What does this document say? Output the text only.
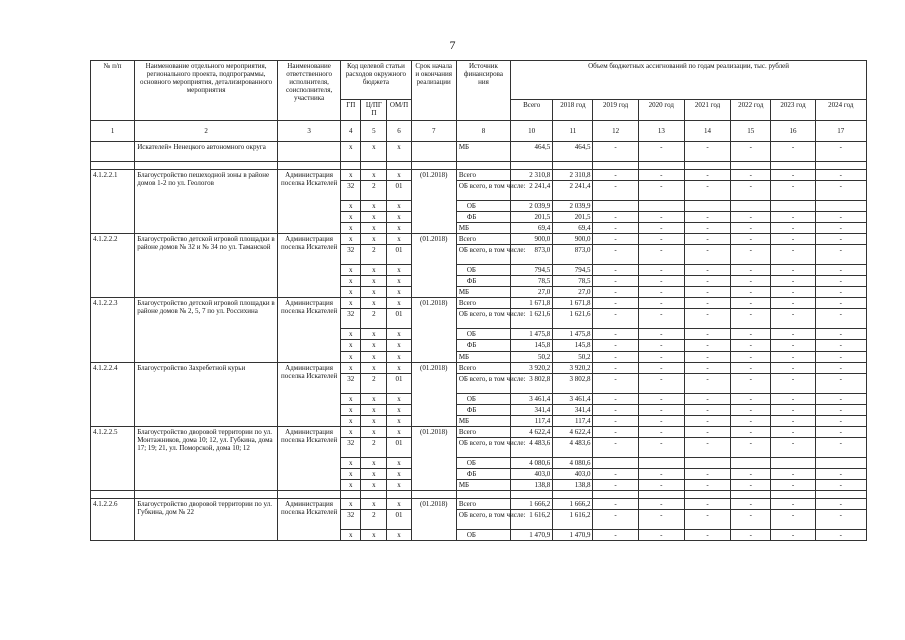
7
№ п/п	Наименование отдельного мероприятия, регионального проекта, подпрограммы, основного мероприятия, детализированного мероприятия	Наименование ответственного исполнителя, соисполнителя, участника	Код целевой статьи расходов окружного бюджета			Срок начала и окончания реализации	Источник финансирова ния	Объем бюджетных ассигнований по годам реализации, тыс. рублей							
			ГП	Ц/ПГ П	ОМ/П			Всего	2018 год	2019 год	2020 год	2021 год	2022 год	2023 год	2024 год
1	2	3	4	5	6	7	8	10	11	12	13	14	15	16	17
	Искателей» Ненецкого автономного округа		x	x	x		МБ	464,5	464,5	-	-	-	-	-	-

4.1.2.2.1	Благоустройство пешеходной зоны в районе домов 1-2 по ул. Геологов	Администрация поселка Искателей	x	x	x	(01.2018)	Всего	2 310,8	2 310,8	-	-	-	-	-	-
			32	2	01		ОБ всего, в том числе:	2 241,4	2 241,4	-	-	-	-	-	-
			x	x	x		ОБ	2 039,9	2 039,9						
			x	x	x		ФБ	201,5	201,5	-	-	-	-	-	-
			x	x	x		МБ	69,4	69,4	-	-	-	-	-	-
4.1.2.2.2	Благоустройство детской игровой площадки в районе домов № 32 и № 34 по ул. Таманской	Администрация поселка Искателей	x	x	x	(01.2018)	Всего	900,0	900,0	-	-	-	-	-	-
			32	2	01		ОБ всего, в том числе:	873,0	873,0	-	-	-	-	-	-
			x	x	x		ОБ	794,5	794,5	-	-	-	-	-	-
			x	x	x		ФБ	78,5	78,5	-	-	-	-	-	-
			x	x	x		МБ	27,0	27,0	-	-	-	-	-	-
4.1.2.2.3	Благоустройство детской игровой площадки в районе домов № 2, 5, 7 по ул. Россихина	Администрация поселка Искателей	x	x	x	(01.2018)	Всего	1 671,8	1 671,8	-	-	-	-	-	-
			32	2	01		ОБ всего, в том числе:	1 621,6	1 621,6	-	-	-	-	-	-
			x	x	x		ОБ	1 475,8	1 475,8	-	-	-	-	-	-
			x	x	x		ФБ	145,8	145,8	-	-	-	-	-	-
			x	x	x		МБ	50,2	50,2	-	-	-	-	-	-
4.1.2.2.4	Благоустройство Захребетной курьи	Администрация поселка Искателей	x	x	x	(01.2018)	Всего	3 920,2	3 920,2	-	-	-	-	-	-
			32	2	01		ОБ всего, в том числе:	3 802,8	3 802,8	-	-	-	-	-	-
			x	x	x		ОБ	3 461,4	3 461,4	-	-	-	-	-	-
			x	x	x		ФБ	341,4	341,4	-	-	-	-	-	-
			x	x	x		МБ	117,4	117,4	-	-	-	-	-	-
4.1.2.2.5	Благоустройство дворовой территории по ул. Монтажников, дома 10; 12, ул. Губкина, дома 17; 19; 21, ул. Поморской, дома 10; 12	Администрация поселка Искателей	x	x	x	(01.2018)	Всего	4 622,4	4 622,4	-	-	-	-	-	-
			32	2	01		ОБ всего, в том числе:	4 483,6	4 483,6	-	-	-	-	-	-
			x	x	x		ОБ	4 080,6	4 080,6						
			x	x	x		ФБ	403,0	403,0	-	-	-	-	-	-
			x	x	x		МБ	138,8	138,8	-	-	-	-	-	-

4.1.2.2.6	Благоустройство дворовой территории по ул. Губкина, дом № 22	Администрация поселка Искателей	x	x	x	(01.2018)	Всего	1 666,2	1 666,2	-	-	-	-	-	-
			32	2	01		ОБ всего, в том числе:	1 616,2	1 616,2	-	-	-	-	-	-
			x	x	x		ОБ	1 470,9	1 470,9	-	-	-	-	-	-
